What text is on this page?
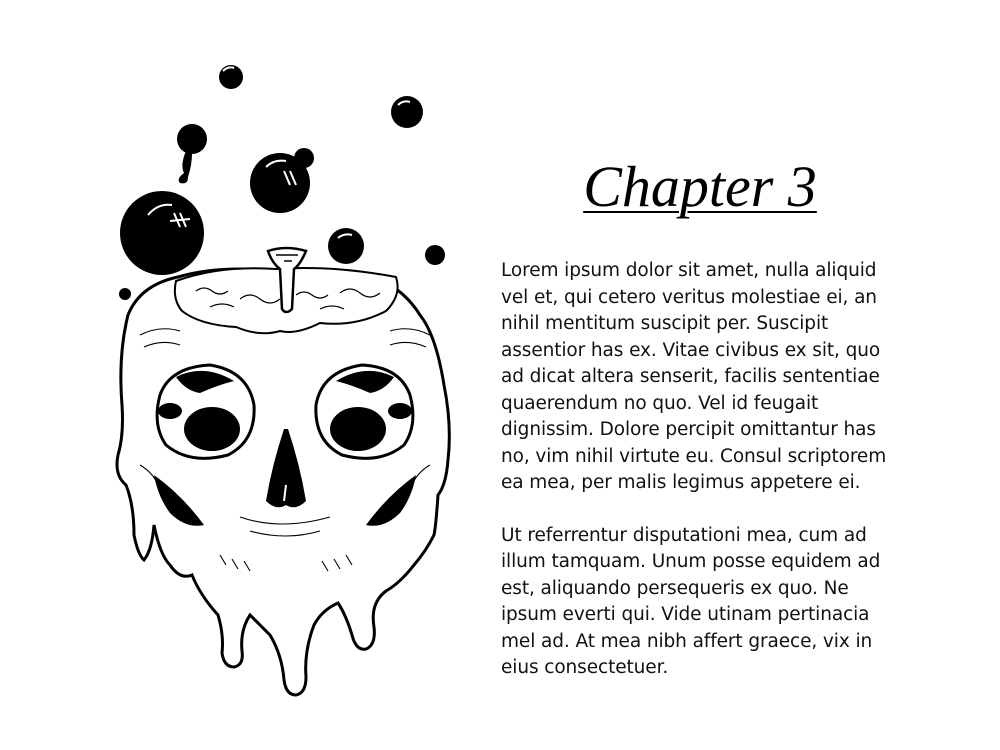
Chapter 3

Lorem ipsum dolor sit amet, nulla aliquid vel et, qui cetero veritus molestiae ei, an nihil mentitum suscipit per. Suscipit assentior has ex. Vitae civibus ex sit, quo ad dicat altera senserit, facilis sententiae quaerendum no quo. Vel id feugait dignissim. Dolore percipit omittantur has no, vim nihil virtute eu. Consul scriptorem ea mea, per malis legimus appetere ei.

Ut referrentur disputationi mea, cum ad illum tamquam. Unum posse equidem ad est, aliquando persequeris ex quo. Ne ipsum everti qui. Vide utinam pertinacia mel ad. At mea nibh affert graece, vix in eius consectetuer.
